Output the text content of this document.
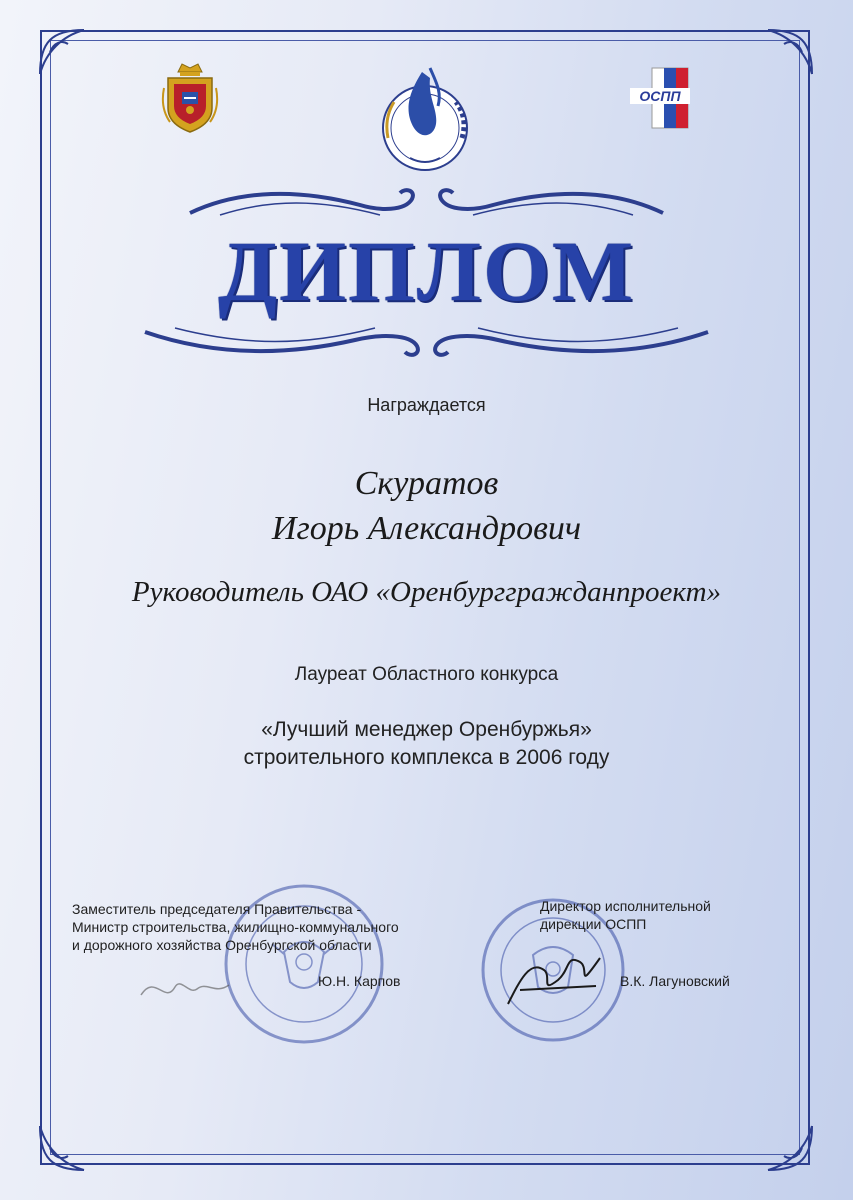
ОСПП
ДИПЛОМ

Награждается

Скуратов

Игорь Александрович

Руководитель ОАО «Оренбурггражданпроект»

Лауреат Областного конкурса

«Лучший менеджер Оренбуржья»

строительного комплекса в 2006 году

Заместитель председателя Правительства -
Министр строительства, жилищно-коммунального
и дорожного хозяйства Оренбургской области
Ю.Н. Карпов
Директор исполнительной
дирекции ОСПП
В.К. Лагуновский
